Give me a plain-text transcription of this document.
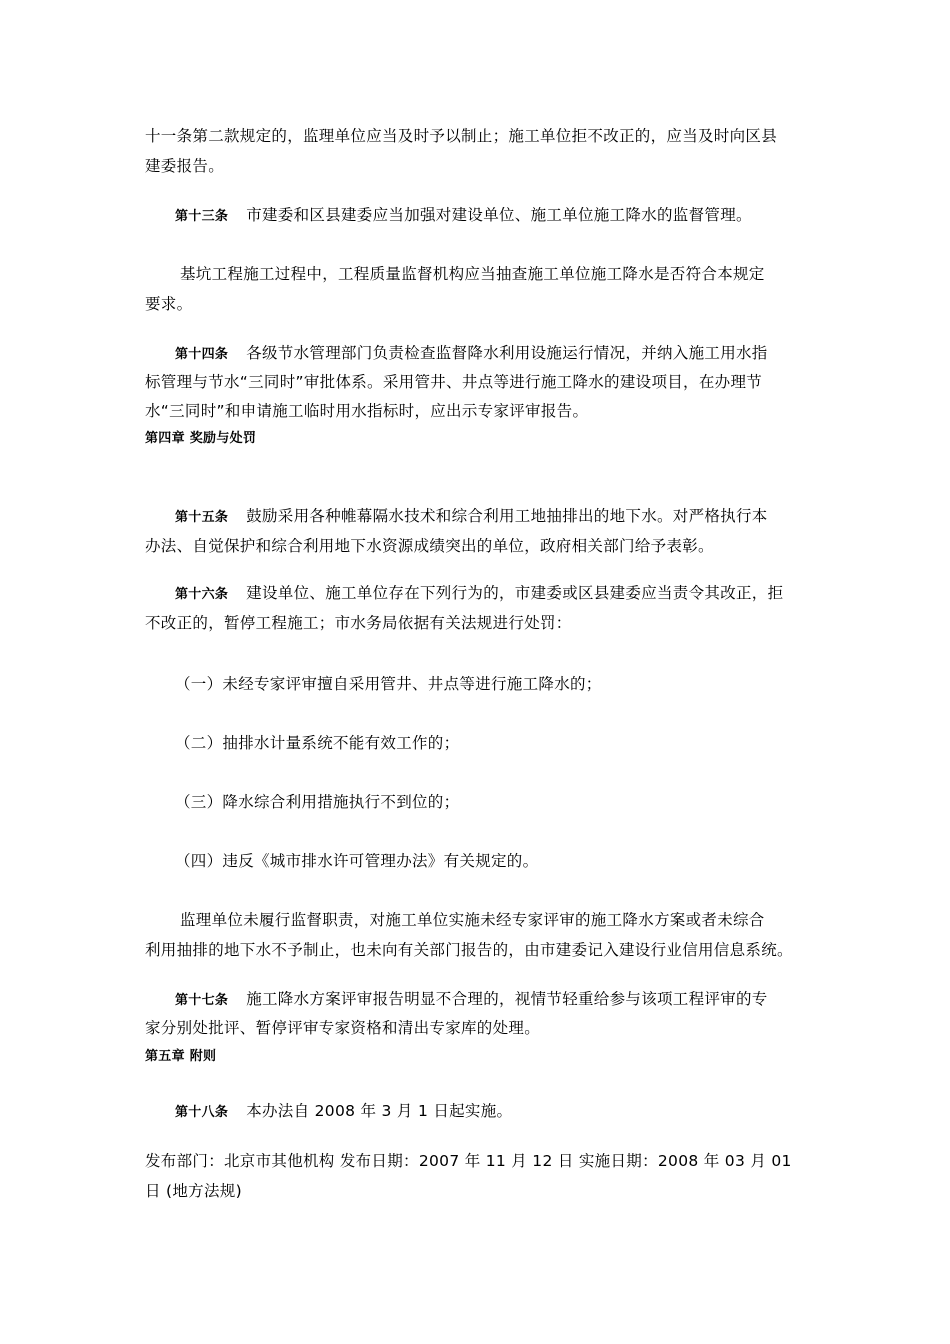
十一条第二款规定的，监理单位应当及时予以制止；施工单位拒不改正的，应当及时向区县
建委报告。
第十三条 市建委和区县建委应当加强对建设单位、施工单位施工降水的监督管理。
基坑工程施工过程中，工程质量监督机构应当抽查施工单位施工降水是否符合本规定
要求。
第十四条 各级节水管理部门负责检查监督降水利用设施运行情况，并纳入施工用水指
标管理与节水“三同时”审批体系。采用管井、井点等进行施工降水的建设项目，在办理节
水“三同时”和申请施工临时用水指标时，应出示专家评审报告。
第四章 奖励与处罚
第十五条 鼓励采用各种帷幕隔水技术和综合利用工地抽排出的地下水。对严格执行本
办法、自觉保护和综合利用地下水资源成绩突出的单位，政府相关部门给予表彰。
第十六条 建设单位、施工单位存在下列行为的，市建委或区县建委应当责令其改正，拒
不改正的，暂停工程施工；市水务局依据有关法规进行处罚：
（一）未经专家评审擅自采用管井、井点等进行施工降水的；
（二）抽排水计量系统不能有效工作的；
（三）降水综合利用措施执行不到位的；
（四）违反《城市排水许可管理办法》有关规定的。
监理单位未履行监督职责，对施工单位实施未经专家评审的施工降水方案或者未综合
利用抽排的地下水不予制止，也未向有关部门报告的，由市建委记入建设行业信用信息系统。
第十七条 施工降水方案评审报告明显不合理的，视情节轻重给参与该项工程评审的专
家分别处批评、暂停评审专家资格和清出专家库的处理。
第五章 附则
第十八条 本办法自 2008 年 3 月 1 日起实施。
发布部门：北京市其他机构 发布日期：2007 年 11 月 12 日 实施日期：2008 年 03 月 01
日 (地方法规)
